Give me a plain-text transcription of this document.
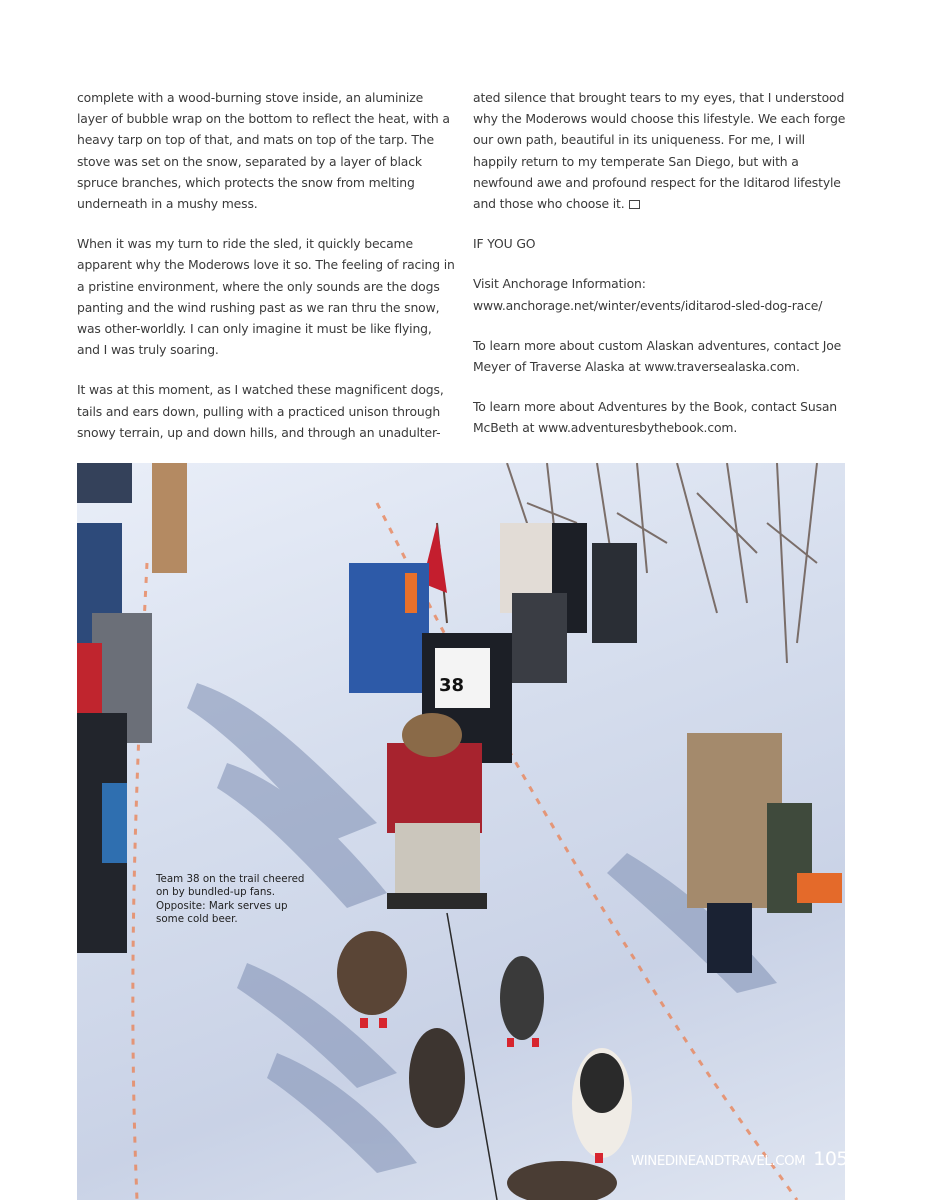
complete with a wood-burning stove inside, an aluminize layer of bubble wrap on the bottom to reflect the heat, with a heavy tarp on top of that, and mats on top of the tarp. The stove was set on the snow, separated by a layer of black spruce branches, which protects the snow from melting underneath in a mushy mess.

When it was my turn to ride the sled, it quickly became apparent why the Moderows love it so. The feeling of racing in a pristine environment, where the only sounds are the dogs panting and the wind rushing past as we ran thru the snow, was other-worldly. I can only imagine it must be like flying, and I was truly soaring.

It was at this moment, as I watched these magnificent dogs, tails and ears down, pulling with a practiced unison through snowy terrain, up and down hills, and through an unadulter-

ated silence that brought tears to my eyes, that I understood why the Moderows would choose this lifestyle. We each forge our own path, beautiful in its uniqueness. For me, I will happily return to my temperate San Diego, but with a newfound awe and profound respect for the Iditarod lifestyle and those who choose it.

IF YOU GO

Visit Anchorage Information: www.anchorage.net/winter/events/iditarod-sled-dog-race/

To learn more about custom Alaskan adventures, contact Joe Meyer of Traverse Alaska at www.traversealaska.com.

To learn more about Adventures by the Book, contact Susan McBeth at www.adventuresbythebook.com.

38
Team 38 on the trail cheered on by bundled-up fans. Opposite: Mark serves up some cold beer.
WINEDINEANDTRAVEL.COM 105
